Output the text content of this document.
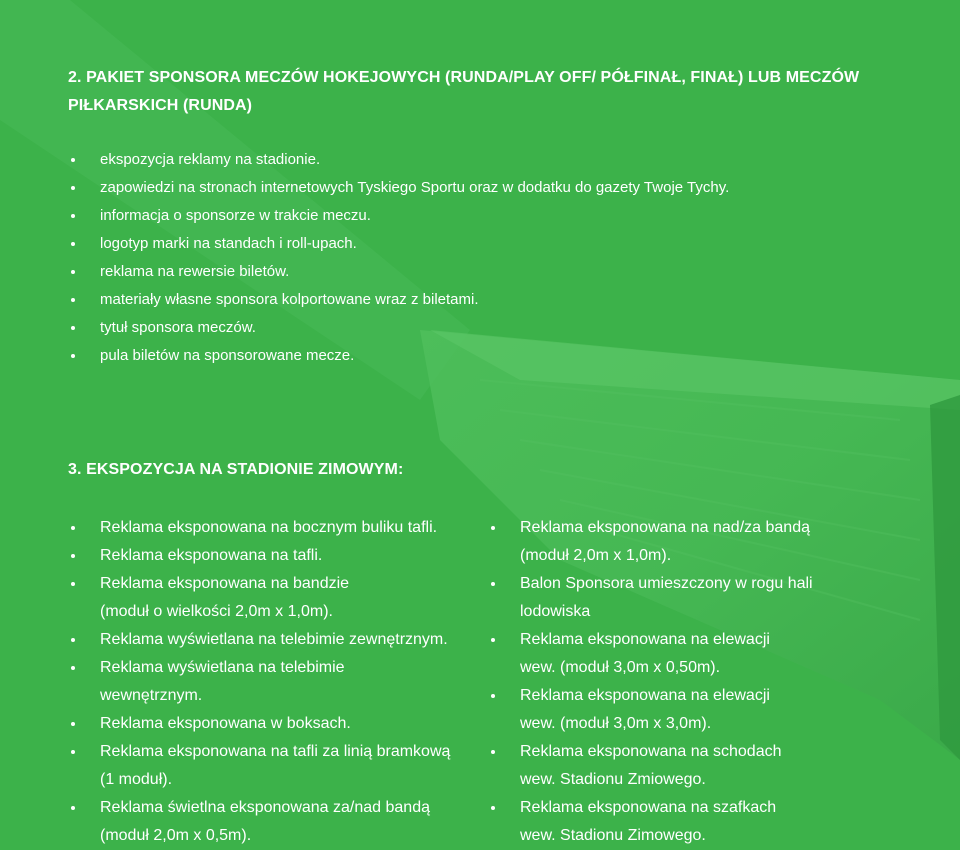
2. PAKIET SPONSORA MECZÓW HOKEJOWYCH (RUNDA/PLAY OFF/ PÓŁFINAŁ, FINAŁ) LUB MECZÓW PIŁKARSKICH (RUNDA)
ekspozycja reklamy na stadionie.
zapowiedzi na stronach internetowych Tyskiego Sportu oraz w dodatku do gazety Twoje Tychy.
informacja o sponsorze w trakcie meczu.
logotyp marki na standach i roll-upach.
reklama na rewersie biletów.
materiały własne sponsora kolportowane wraz z biletami.
tytuł sponsora meczów.
pula biletów na sponsorowane mecze.
3. EKSPOZYCJA NA STADIONIE ZIMOWYM:
Reklama eksponowana na bocznym buliku tafli.
Reklama eksponowana na tafli.
Reklama eksponowana na bandzie
(moduł o wielkości 2,0m x 1,0m).
Reklama wyświetlana na telebimie zewnętrznym.
Reklama wyświetlana na telebimie
wewnętrznym.
Reklama eksponowana w boksach.
Reklama eksponowana na tafli za linią bramkową
(1 moduł).
Reklama świetlna eksponowana za/nad bandą
(moduł 2,0m x 0,5m).
Reklama eksponowana na nad/za bandą
(moduł 2,0m x 1,0m).
Balon Sponsora umieszczony w rogu hali
lodowiska
Reklama eksponowana na elewacji
wew. (moduł 3,0m x 0,50m).
Reklama eksponowana na elewacji
wew. (moduł 3,0m x 3,0m).
Reklama eksponowana na schodach
wew. Stadionu Zmiowego.
Reklama eksponowana na szafkach
wew. Stadionu Zimowego.
